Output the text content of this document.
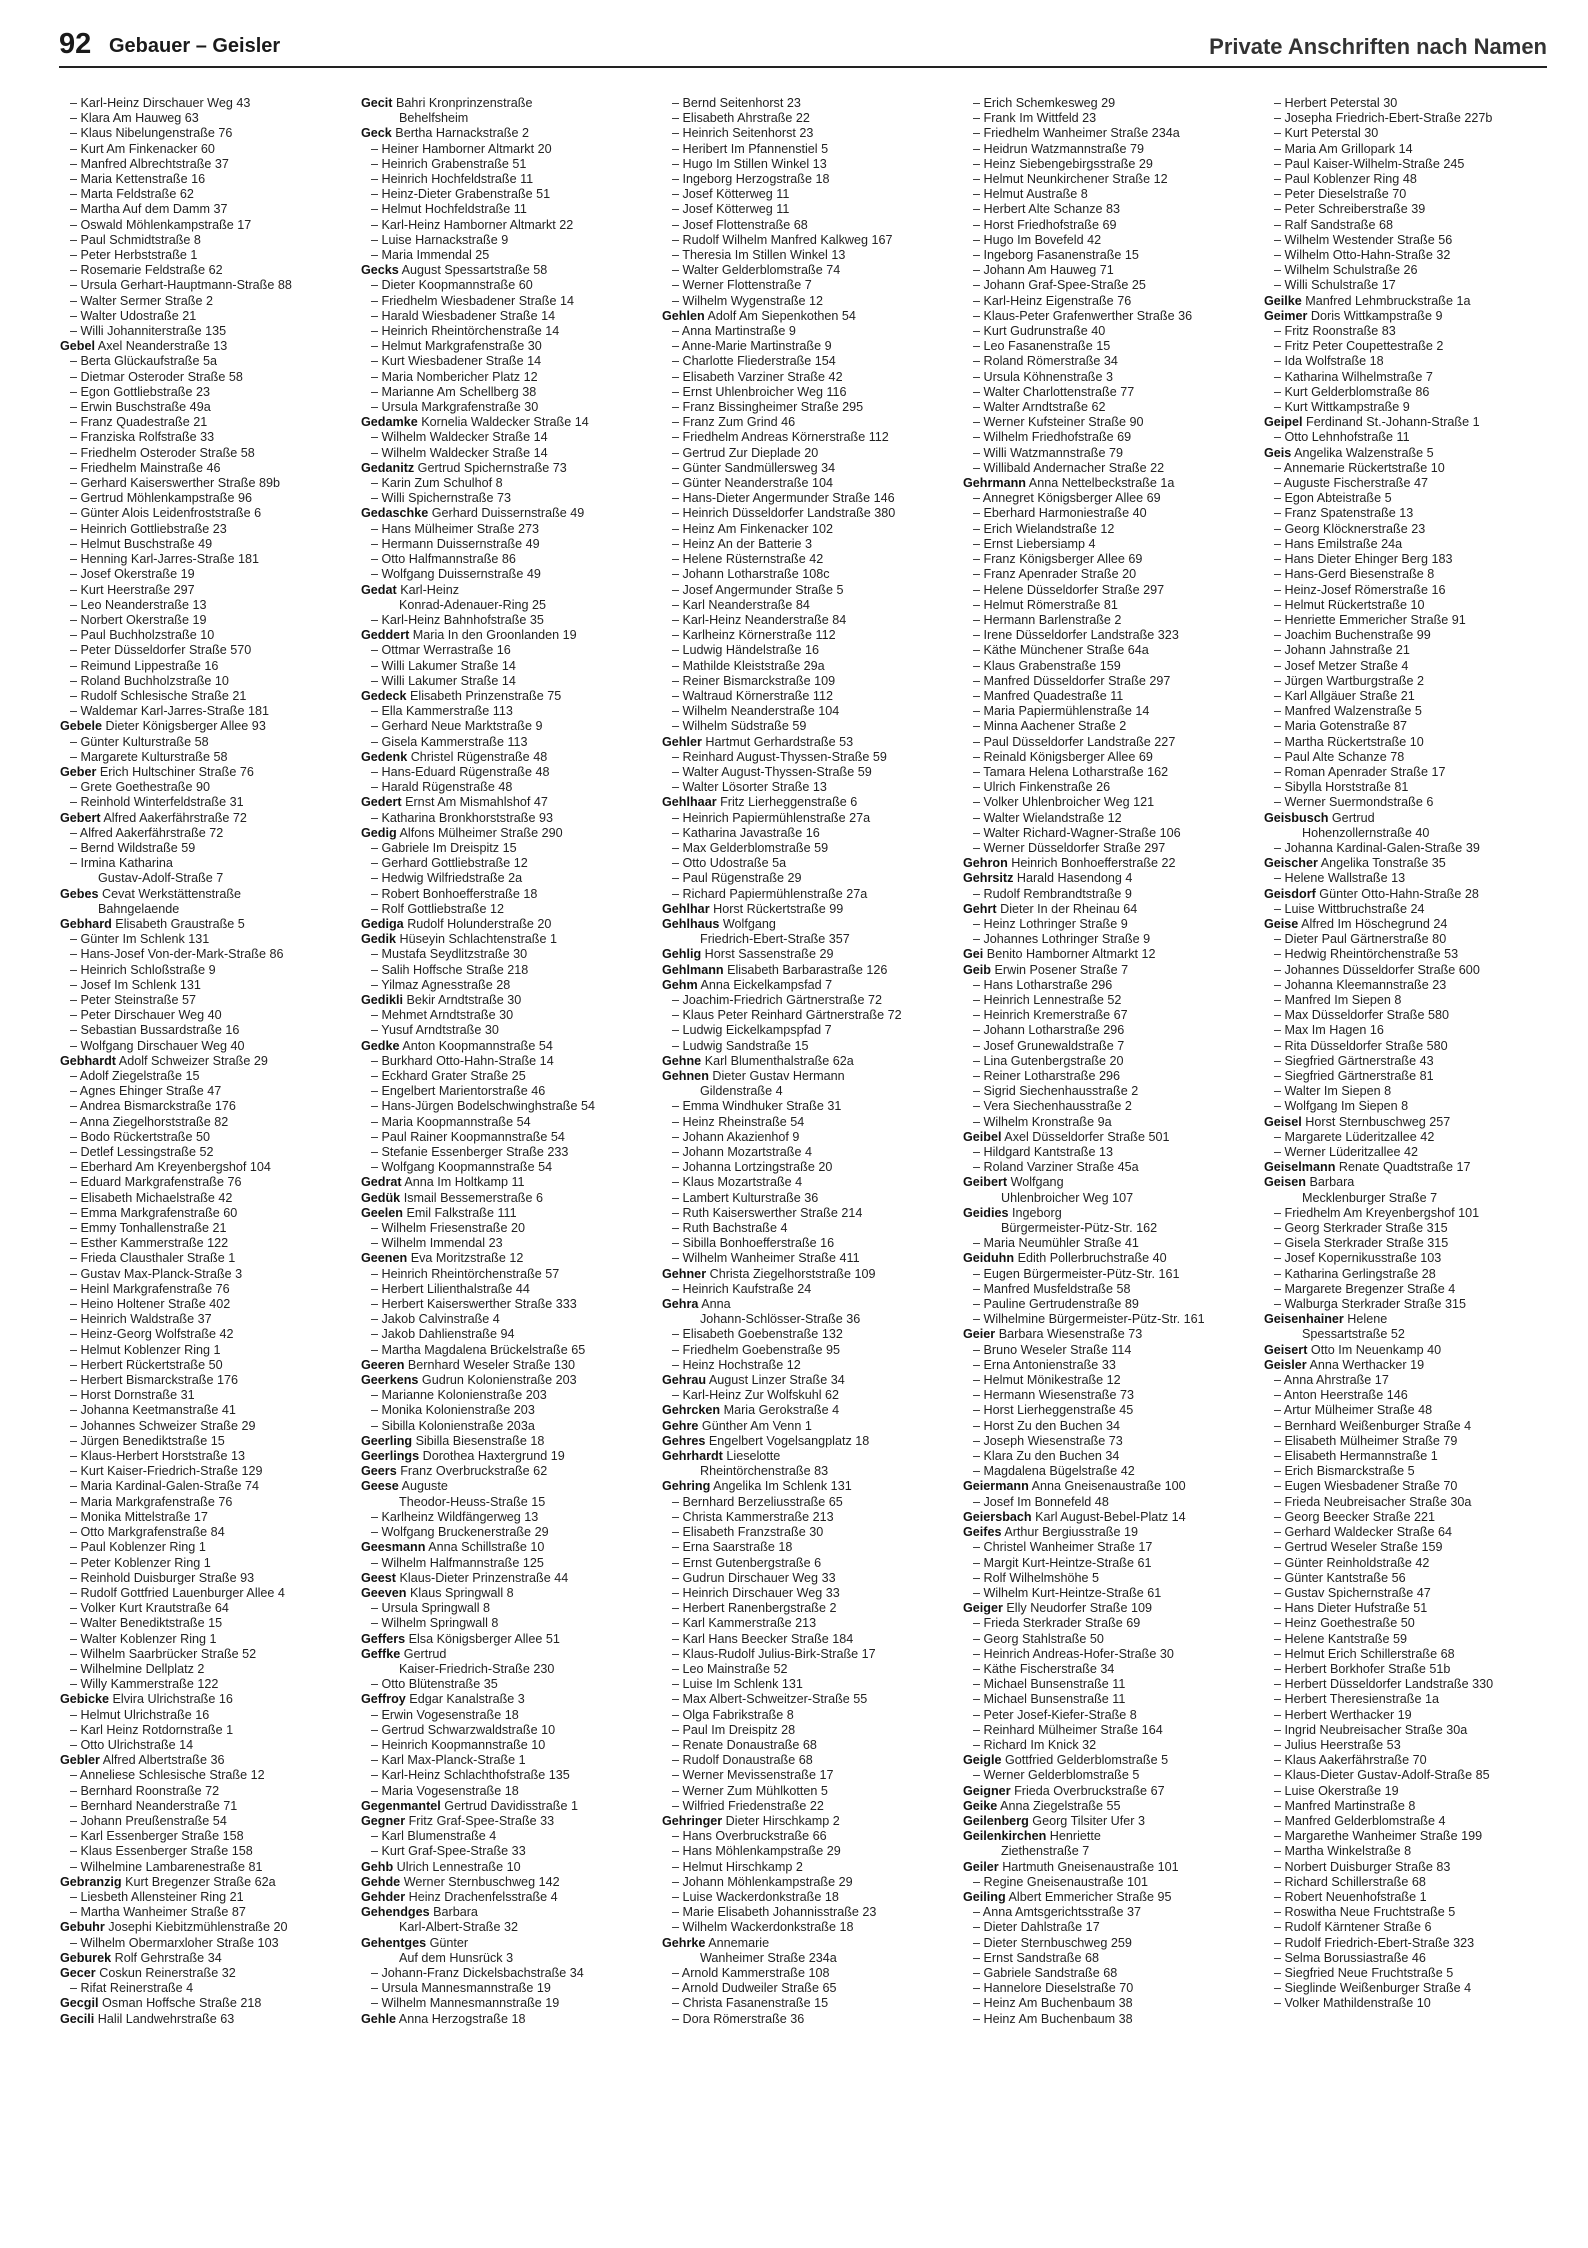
92 Gebauer – Geisler	Private Anschriften nach Namen
– Karl-Heinz Dirschauer Weg 43
– Klara Am Hauweg 63
– Klaus Nibelungenstraße 76
– Kurt Am Finkenacker 60
– Manfred Albrechtstraße 37
– Maria Kettenstraße 16
– Marta Feldstraße 62
– Martha Auf dem Damm 37
– Oswald Möhlenkampstraße 17
– Paul Schmidtstraße 8
– Peter Herbststraße 1
– Rosemarie Feldstraße 62
– Ursula Gerhart-Hauptmann-Straße 88
– Walter Sermer Straße 2
– Walter Udostraße 21
– Willi Johanniterstraße 135
Gebel Axel Neanderstraße 13
– Berta Glückaufstraße 5a
– Dietmar Osteroder Straße 58
– Egon Gottliebstraße 23
– Erwin Buschstraße 49a
– Franz Quadestraße 21
– Franziska Rolfstraße 33
– Friedhelm Osteroder Straße 58
– Friedhelm Mainstraße 46
– Gerhard Kaiserswerther Straße 89b
– Gertrud Möhlenkampstraße 96
– Günter Alois Leidenfroststraße 6
– Heinrich Gottliebstraße 23
– Helmut Buschstraße 49
– Henning Karl-Jarres-Straße 181
– Josef Okerstraße 19
– Kurt Heerstraße 297
– Leo Neanderstraße 13
– Norbert Okerstraße 19
– Paul Buchholzstraße 10
– Peter Düsseldorfer Straße 570
– Reimund Lippestraße 16
– Roland Buchholzstraße 10
– Rudolf Schlesische Straße 21
– Waldemar Karl-Jarres-Straße 181
Gebele Dieter Königsberger Allee 93
– Günter Kulturstraße 58
– Margarete Kulturstraße 58
Geber Erich Hultschiner Straße 76
– Grete Goethestraße 90
– Reinhold Winterfeldstraße 31
Gebert Alfred Aakerfährstraße 72
– Alfred Aakerfährstraße 72
– Bernd Wildstraße 59
– Irmina Katharina
Gustav-Adolf-Straße 7
Gebes Cevat Werkstättenstraße
Bahngelaende
Gebhard Elisabeth Graustraße 5
– Günter Im Schlenk 131
– Hans-Josef Von-der-Mark-Straße 86
– Heinrich Schloßstraße 9
– Josef Im Schlenk 131
– Peter Steinstraße 57
– Peter Dirschauer Weg 40
– Sebastian Bussardstraße 16
– Wolfgang Dirschauer Weg 40
Gebhardt Adolf Schweizer Straße 29
– Adolf Ziegelstraße 15
– Agnes Ehinger Straße 47
– Andrea Bismarckstraße 176
– Anna Ziegelhorststraße 82
– Bodo Rückertstraße 50
– Detlef Lessingstraße 52
– Eberhard Am Kreyenbergshof 104
– Eduard Markgrafenstraße 76
– Elisabeth Michaelstraße 42
– Emma Markgrafenstraße 60
– Emmy Tonhallenstraße 21
– Esther Kammerstraße 122
– Frieda Clausthaler Straße 1
– Gustav Max-Planck-Straße 3
– Heinl Markgrafenstraße 76
– Heino Holtener Straße 402
– Heinrich Waldstraße 37
– Heinz-Georg Wolfstraße 42
– Helmut Koblenzer Ring 1
– Herbert Rückertstraße 50
– Herbert Bismarckstraße 176
– Horst Dornstraße 31
– Johanna Keetmanstraße 41
– Johannes Schweizer Straße 29
– Jürgen Benediktstraße 15
– Klaus-Herbert Horststraße 13
– Kurt Kaiser-Friedrich-Straße 129
– Maria Kardinal-Galen-Straße 74
– Maria Markgrafenstraße 76
– Monika Mittelstraße 17
– Otto Markgrafenstraße 84
– Paul Koblenzer Ring 1
– Peter Koblenzer Ring 1
– Reinhold Duisburger Straße 93
– Rudolf Gottfried Lauenburger Allee 4
– Volker Kurt Krautstraße 64
– Walter Benediktstraße 15
– Walter Koblenzer Ring 1
– Wilhelm Saarbrücker Straße 52
– Wilhelmine Dellplatz 2
– Willy Kammerstraße 122
Gebicke Elvira Ulrichstraße 16
– Helmut Ulrichstraße 16
– Karl Heinz Rotdornstraße 1
– Otto Ulrichstraße 14
Gebler Alfred Albertstraße 36
– Anneliese Schlesische Straße 12
– Bernhard Roonstraße 72
– Bernhard Neanderstraße 71
– Johann Preußenstraße 54
– Karl Essenberger Straße 158
– Klaus Essenberger Straße 158
– Wilhelmine Lambarenestraße 81
Gebranzig Kurt Bregenzer Straße 62a
– Liesbeth Allensteiner Ring 21
– Martha Wanheimer Straße 87
Gebuhr Josephi Kiebitzmühlenstraße 20
– Wilhelm Obermarxloher Straße 103
Geburek Rolf Gehrstraße 34
Gecer Coskun Reinerstraße 32
– Rifat Reinerstraße 4
Gecgil Osman Hoffsche Straße 218
Gecili Halil Landwehrstraße 63
Gecit Bahri Kronprinzenstraße
Behelfsheim
Geck Bertha Harnackstraße 2
– Heiner Hamborner Altmarkt 20
– Heinrich Grabenstraße 51
– Heinrich Hochfeldstraße 11
– Heinz-Dieter Grabenstraße 51
– Helmut Hochfeldstraße 11
– Karl-Heinz Hamborner Altmarkt 22
– Luise Harnackstraße 9
– Maria Immendal 25
Gecks August Spessartstraße 58
– Dieter Koopmannstraße 60
– Friedhelm Wiesbadener Straße 14
– Harald Wiesbadener Straße 14
– Heinrich Rheintörchenstraße 14
– Helmut Markgrafenstraße 30
– Kurt Wiesbadener Straße 14
– Maria Nombericher Platz 12
– Marianne Am Schellberg 38
– Ursula Markgrafenstraße 30
Gedamke Kornelia Waldecker Straße 14
– Wilhelm Waldecker Straße 14
– Wilhelm Waldecker Straße 14
Gedanitz Gertrud Spichernstraße 73
– Karin Zum Schulhof 8
– Willi Spichernstraße 73
Gedaschke Gerhard Duissernstraße 49
– Hans Mülheimer Straße 273
– Hermann Duissernstraße 49
– Otto Halfmannstraße 86
– Wolfgang Duissernstraße 49
Gedat Karl-Heinz
Konrad-Adenauer-Ring 25
– Karl-Heinz Bahnhofstraße 35
Geddert Maria In den Groonlanden 19
– Ottmar Werrastraße 16
– Willi Lakumer Straße 14
– Willi Lakumer Straße 14
Gedeck Elisabeth Prinzenstraße 75
– Ella Kammerstraße 113
– Gerhard Neue Marktstraße 9
– Gisela Kammerstraße 113
Gedenk Christel Rügenstraße 48
– Hans-Eduard Rügenstraße 48
– Harald Rügenstraße 48
Gedert Ernst Am Mismahlshof 47
– Katharina Bronkhorststraße 93
Gedig Alfons Mülheimer Straße 290
– Gabriele Im Dreispitz 15
– Gerhard Gottliebstraße 12
– Hedwig Wilfriedstraße 2a
– Robert Bonhoefferstraße 18
– Rolf Gottliebstraße 12
Gediga Rudolf Holunderstraße 20
Gedik Hüseyin Schlachtenstraße 1
– Mustafa Seydlitzstraße 30
– Salih Hoffsche Straße 218
– Yilmaz Agnesstraße 28
Gedikli Bekir Arndtstraße 30
– Mehmet Arndtstraße 30
– Yusuf Arndtstraße 30
Gedke Anton Koopmannstraße 54
– Burkhard Otto-Hahn-Straße 14
– Eckhard Grater Straße 25
– Engelbert Marientorstraße 46
– Hans-Jürgen Bodelschwinghstraße 54
– Maria Koopmannstraße 54
– Paul Rainer Koopmannstraße 54
– Stefanie Essenberger Straße 233
– Wolfgang Koopmannstraße 54
Gedrat Anna Im Holtkamp 11
Gedük Ismail Bessemerstraße 6
Geelen Emil Falkstraße 111
– Wilhelm Friesenstraße 20
– Wilhelm Immendal 23
Geenen Eva Moritzstraße 12
– Heinrich Rheintörchenstraße 57
– Herbert Lilienthalstraße 44
– Herbert Kaiserswerther Straße 333
– Jakob Calvinstraße 4
– Jakob Dahlienstraße 94
– Martha Magdalena Brückelstraße 65
Geeren Bernhard Weseler Straße 130
Geerkens Gudrun Kolonienstraße 203
– Marianne Kolonienstraße 203
– Monika Kolonienstraße 203
– Sibilla Kolonienstraße 203a
Geerling Sibilla Biesenstraße 18
Geerlings Dorothea Haxtergrund 19
Geers Franz Overbruckstraße 62
Geese Auguste
Theodor-Heuss-Straße 15
– Karlheinz Wildfängerweg 13
– Wolfgang Bruckenerstraße 29
Geesmann Anna Schillstraße 10
– Wilhelm Halfmannstraße 125
Geest Klaus-Dieter Prinzenstraße 44
Geeven Klaus Springwall 8
– Ursula Springwall 8
– Wilhelm Springwall 8
Geffers Elsa Königsberger Allee 51
Geffke Gertrud
Kaiser-Friedrich-Straße 230
– Otto Blütenstraße 35
Geffroy Edgar Kanalstraße 3
– Erwin Vogesenstraße 18
– Gertrud Schwarzwaldstraße 10
– Heinrich Koopmannstraße 10
– Karl Max-Planck-Straße 1
– Karl-Heinz Schlachthofstraße 135
– Maria Vogesenstraße 18
Gegenmantel Gertrud Davidisstraße 1
Gegner Fritz Graf-Spee-Straße 33
– Karl Blumenstraße 4
– Kurt Graf-Spee-Straße 33
Gehb Ulrich Lennestraße 10
Gehde Werner Sternbuschweg 142
Gehder Heinz Drachenfelsstraße 4
Gehendges Barbara
Karl-Albert-Straße 32
Gehentges Günter
Auf dem Hunsrück 3
– Johann-Franz Dickelsbachstraße 34
– Ursula Mannesmannstraße 19
– Wilhelm Mannesmannstraße 19
Gehle Anna Herzogstraße 18
– Bernd Seitenhorst 23
– Elisabeth Ahrstraße 22
– Heinrich Seitenhorst 23
– Heribert Im Pfannenstiel 5
– Hugo Im Stillen Winkel 13
– Ingeborg Herzogstraße 18
– Josef Kötterweg 11
– Josef Kötterweg 11
– Josef Flottenstraße 68
– Rudolf Wilhelm Manfred Kalkweg 167
– Theresia Im Stillen Winkel 13
– Walter Gelderblomstraße 74
– Werner Flottenstraße 7
– Wilhelm Wygenstraße 12
Gehlen Adolf Am Siepenkothen 54
– Anna Martinstraße 9
– Anne-Marie Martinstraße 9
– Charlotte Fliederstraße 154
– Elisabeth Varziner Straße 42
– Ernst Uhlenbroicher Weg 116
– Franz Bissingheimer Straße 295
– Franz Zum Grind 46
– Friedhelm Andreas Körnerstraße 112
– Gertrud Zur Dieplade 20
– Günter Sandmüllersweg 34
– Günter Neanderstraße 104
– Hans-Dieter Angermunder Straße 146
– Heinrich Düsseldorfer Landstraße 380
– Heinz Am Finkenacker 102
– Heinz An der Batterie 3
– Helene Rüsternstraße 42
– Johann Lotharstraße 108c
– Josef Angermunder Straße 5
– Karl Neanderstraße 84
– Karl-Heinz Neanderstraße 84
– Karlheinz Körnerstraße 112
– Ludwig Händelstraße 16
– Mathilde Kleiststraße 29a
– Reiner Bismarckstraße 109
– Waltraud Körnerstraße 112
– Wilhelm Neanderstraße 104
– Wilhelm Südstraße 59
Gehler Hartmut Gerhardstraße 53
– Reinhard August-Thyssen-Straße 59
– Walter August-Thyssen-Straße 59
– Walter Lösorter Straße 13
Gehlhaar Fritz Lierheggenstraße 6
– Heinrich Papiermühlenstraße 27a
– Katharina Javastraße 16
– Max Gelderblomstraße 59
– Otto Udostraße 5a
– Paul Rügenstraße 29
– Richard Papiermühlenstraße 27a
Gehlhar Horst Rückertstraße 99
Gehlhaus Wolfgang
Friedrich-Ebert-Straße 357
Gehlig Horst Sassenstraße 29
Gehlmann Elisabeth Barbarastraße 126
Gehm Anna Eickelkampsfad 7
– Joachim-Friedrich Gärtnerstraße 72
– Klaus Peter Reinhard Gärtnerstraße 72
– Ludwig Eickelkampspfad 7
– Ludwig Sandstraße 15
Gehne Karl Blumenthalstraße 62a
Gehnen Dieter Gustav Hermann
Gildenstraße 4
– Emma Windhuker Straße 31
– Heinz Rheinstraße 54
– Johann Akazienhof 9
– Johann Mozartstraße 4
– Johanna Lortzingstraße 20
– Klaus Mozartstraße 4
– Lambert Kulturstraße 36
– Ruth Kaiserswerther Straße 214
– Ruth Bachstraße 4
– Sibilla Bonhoefferstraße 16
– Wilhelm Wanheimer Straße 411
Gehner Christa Ziegelhorststraße 109
– Heinrich Kaufstraße 24
Gehra Anna
Johann-Schlösser-Straße 36
– Elisabeth Goebenstraße 132
– Friedhelm Goebenstraße 95
– Heinz Hochstraße 12
Gehrau August Linzer Straße 34
– Karl-Heinz Zur Wolfskuhl 62
Gehrcken Maria Gerokstraße 4
Gehre Günther Am Venn 1
Gehres Engelbert Vogelsangplatz 18
Gehrhardt Lieselotte
Rheintörchenstraße 83
Gehring Angelika Im Schlenk 131
– Bernhard Berzeliusstraße 65
– Christa Kammerstraße 213
– Elisabeth Franzstraße 30
– Erna Saarstraße 18
– Ernst Gutenbergstraße 6
– Gudrun Dirschauer Weg 33
– Heinrich Dirschauer Weg 33
– Herbert Ranenbergstraße 2
– Karl Kammerstraße 213
– Karl Hans Beecker Straße 184
– Klaus-Rudolf Julius-Birk-Straße 17
– Leo Mainstraße 52
– Luise Im Schlenk 131
– Max Albert-Schweitzer-Straße 55
– Olga Fabrikstraße 8
– Paul Im Dreispitz 28
– Renate Donaustraße 68
– Rudolf Donaustraße 68
– Werner Mevissenstraße 17
– Werner Zum Mühlkotten 5
– Wilfried Friedenstraße 22
Gehringer Dieter Hirschkamp 2
– Hans Overbruckstraße 66
– Hans Möhlenkampstraße 29
– Helmut Hirschkamp 2
– Johann Möhlenkampstraße 29
– Luise Wackerdonkstraße 18
– Marie Elisabeth Johannisstraße 23
– Wilhelm Wackerdonkstraße 18
Gehrke Annemarie
Wanheimer Straße 234a
– Arnold Kammerstraße 108
– Arnold Dudweiler Straße 65
– Christa Fasanenstraße 15
– Dora Römerstraße 36
– Erich Schemkesweg 29
– Frank Im Wittfeld 23
– Friedhelm Wanheimer Straße 234a
– Heidrun Watzmannstraße 79
– Heinz Siebengebirgsstraße 29
– Helmut Neunkirchener Straße 12
– Helmut Austraße 8
– Herbert Alte Schanze 83
– Horst Friedhofstraße 69
– Hugo Im Bovefeld 42
– Ingeborg Fasanenstraße 15
– Johann Am Hauweg 71
– Johann Graf-Spee-Straße 25
– Karl-Heinz Eigenstraße 76
– Klaus-Peter Grafenwerther Straße 36
– Kurt Gudrunstraße 40
– Leo Fasanenstraße 15
– Roland Römerstraße 34
– Ursula Köhnenstraße 3
– Walter Charlottenstraße 77
– Walter Arndtstraße 62
– Werner Kufsteiner Straße 90
– Wilhelm Friedhofstraße 69
– Willi Watzmannstraße 79
– Willibald Andernacher Straße 22
Gehrmann Anna Nettelbeckstraße 1a
– Annegret Königsberger Allee 69
– Eberhard Harmoniestraße 40
– Erich Wielandstraße 12
– Ernst Liebersiamp 4
– Franz Königsberger Allee 69
– Franz Apenrader Straße 20
– Helene Düsseldorfer Straße 297
– Helmut Römerstraße 81
– Hermann Barlenstraße 2
– Irene Düsseldorfer Landstraße 323
– Käthe Münchener Straße 64a
– Klaus Grabenstraße 159
– Manfred Düsseldorfer Straße 297
– Manfred Quadestraße 11
– Maria Papiermühlenstraße 14
– Minna Aachener Straße 2
– Paul Düsseldorfer Landstraße 227
– Reinald Königsberger Allee 69
– Tamara Helena Lotharstraße 162
– Ulrich Finkenstraße 26
– Volker Uhlenbroicher Weg 121
– Walter Wielandstraße 12
– Walter Richard-Wagner-Straße 106
– Werner Düsseldorfer Straße 297
Gehron Heinrich Bonhoefferstraße 22
Gehrsitz Harald Hasendong 4
– Rudolf Rembrandtstraße 9
Gehrt Dieter In der Rheinau 64
– Heinz Lothringer Straße 9
– Johannes Lothringer Straße 9
Gei Benito Hamborner Altmarkt 12
Geib Erwin Posener Straße 7
– Hans Lotharstraße 296
– Heinrich Lennestraße 52
– Heinrich Kremerstraße 67
– Johann Lotharstraße 296
– Josef Grunewaldstraße 7
– Lina Gutenbergstraße 20
– Reiner Lotharstraße 296
– Sigrid Siechenhausstraße 2
– Vera Siechenhausstraße 2
– Wilhelm Kronstraße 9a
Geibel Axel Düsseldorfer Straße 501
– Hildgard Kantstraße 13
– Roland Varziner Straße 45a
Geibert Wolfgang
Uhlenbroicher Weg 107
Geidies Ingeborg
Bürgermeister-Pütz-Str. 162
– Maria Neumühler Straße 41
Geiduhn Edith Pollerbruchstraße 40
– Eugen Bürgermeister-Pütz-Str. 161
– Manfred Musfeldstraße 58
– Pauline Gertrudenstraße 89
– Wilhelmine Bürgermeister-Pütz-Str. 161
Geier Barbara Wiesenstraße 73
– Bruno Weseler Straße 114
– Erna Antonienstraße 33
– Helmut Mönikestraße 12
– Hermann Wiesenstraße 73
– Horst Lierheggenstraße 45
– Horst Zu den Buchen 34
– Joseph Wiesenstraße 73
– Klara Zu den Buchen 34
– Magdalena Bügelstraße 42
Geiermann Anna Gneisenaustraße 100
– Josef Im Bonnefeld 48
Geiersbach Karl August-Bebel-Platz 14
Geifes Arthur Bergiusstraße 19
– Christel Wanheimer Straße 17
– Margit Kurt-Heintze-Straße 61
– Rolf Wilhelmshöhe 5
– Wilhelm Kurt-Heintze-Straße 61
Geiger Elly Neudorfer Straße 109
– Frieda Sterkrader Straße 69
– Georg Stahlstraße 50
– Heinrich Andreas-Hofer-Straße 30
– Käthe Fischerstraße 34
– Michael Bunsenstraße 11
– Michael Bunsenstraße 11
– Peter Josef-Kiefer-Straße 8
– Reinhard Mülheimer Straße 164
– Richard Im Knick 32
Geigle Gottfried Gelderblomstraße 5
– Werner Gelderblomstraße 5
Geigner Frieda Overbruckstraße 67
Geike Anna Ziegelstraße 55
Geilenberg Georg Tilsiter Ufer 3
Geilenkirchen Henriette
Ziethenstraße 7
Geiler Hartmuth Gneisenaustraße 101
– Regine Gneisenaustraße 101
Geiling Albert Emmericher Straße 95
– Anna Amtsgerichtsstraße 37
– Dieter Dahlstraße 17
– Dieter Sternbuschweg 259
– Ernst Sandstraße 68
– Gabriele Sandstraße 68
– Hannelore Dieselstraße 70
– Heinz Am Buchenbaum 38
– Heinz Am Buchenbaum 38
– Herbert Peterstal 30
– Josepha Friedrich-Ebert-Straße 227b
– Kurt Peterstal 30
– Maria Am Grillopark 14
– Paul Kaiser-Wilhelm-Straße 245
– Paul Koblenzer Ring 48
– Peter Dieselstraße 70
– Peter Schreiberstraße 39
– Ralf Sandstraße 68
– Wilhelm Westender Straße 56
– Wilhelm Otto-Hahn-Straße 32
– Wilhelm Schulstraße 26
– Willi Schulstraße 17
Geilke Manfred Lehmbruckstraße 1a
Geimer Doris Wittkampstraße 9
– Fritz Roonstraße 83
– Fritz Peter Coupettestraße 2
– Ida Wolfstraße 18
– Katharina Wilhelmstraße 7
– Kurt Gelderblomstraße 86
– Kurt Wittkampstraße 9
Geipel Ferdinand St.-Johann-Straße 1
– Otto Lehnhofstraße 11
Geis Angelika Walzenstraße 5
– Annemarie Rückertstraße 10
– Auguste Fischerstraße 47
– Egon Abteistraße 5
– Franz Spatenstraße 13
– Georg Klöcknerstraße 23
– Hans Emilstraße 24a
– Hans Dieter Ehinger Berg 183
– Hans-Gerd Biesenstraße 8
– Heinz-Josef Römerstraße 16
– Helmut Rückertstraße 10
– Henriette Emmericher Straße 91
– Joachim Buchenstraße 99
– Johann Jahnstraße 21
– Josef Metzer Straße 4
– Jürgen Wartburgstraße 2
– Karl Allgäuer Straße 21
– Manfred Walzenstraße 5
– Maria Gotenstraße 87
– Martha Rückertstraße 10
– Paul Alte Schanze 78
– Roman Apenrader Straße 17
– Sibylla Horststraße 81
– Werner Suermondstraße 6
Geisbusch Gertrud
Hohenzollernstraße 40
– Johanna Kardinal-Galen-Straße 39
Geischer Angelika Tonstraße 35
– Helene Wallstraße 13
Geisdorf Günter Otto-Hahn-Straße 28
– Luise Wittbruchstraße 24
Geise Alfred Im Höschegrund 24
– Dieter Paul Gärtnerstraße 80
– Hedwig Rheintörchenstraße 53
– Johannes Düsseldorfer Straße 600
– Johanna Kleemannstraße 23
– Manfred Im Siepen 8
– Max Düsseldorfer Straße 580
– Max Im Hagen 16
– Rita Düsseldorfer Straße 580
– Siegfried Gärtnerstraße 43
– Siegfried Gärtnerstraße 81
– Walter Im Siepen 8
– Wolfgang Im Siepen 8
Geisel Horst Sternbuschweg 257
– Margarete Lüderitzallee 42
– Werner Lüderitzallee 42
Geiselmann Renate Quadtstraße 17
Geisen Barbara
Mecklenburger Straße 7
– Friedhelm Am Kreyenbergshof 101
– Georg Sterkrader Straße 315
– Gisela Sterkrader Straße 315
– Josef Kopernikusstraße 103
– Katharina Gerlingstraße 28
– Margarete Bregenzer Straße 4
– Walburga Sterkrader Straße 315
Geisenhainer Helene
Spessartstraße 52
Geisert Otto Im Neuenkamp 40
Geisler Anna Werthacker 19
– Anna Ahrstraße 17
– Anton Heerstraße 146
– Artur Mülheimer Straße 48
– Bernhard Weißenburger Straße 4
– Elisabeth Mülheimer Straße 79
– Elisabeth Hermannstraße 1
– Erich Bismarckstraße 5
– Eugen Wiesbadener Straße 70
– Frieda Neubreisacher Straße 30a
– Georg Beecker Straße 221
– Gerhard Waldecker Straße 64
– Gertrud Weseler Straße 159
– Günter Reinholdstraße 42
– Günter Kantstraße 56
– Gustav Spichernstraße 47
– Hans Dieter Hufstraße 51
– Heinz Goethestraße 50
– Helene Kantstraße 59
– Helmut Erich Schillerstraße 68
– Herbert Borkhofer Straße 51b
– Herbert Düsseldorfer Landstraße 330
– Herbert Theresienstraße 1a
– Herbert Werthacker 19
– Ingrid Neubreisacher Straße 30a
– Julius Heerstraße 53
– Klaus Aakerfährstraße 70
– Klaus-Dieter Gustav-Adolf-Straße 85
– Luise Okerstraße 19
– Manfred Martinstraße 8
– Manfred Gelderblomstraße 4
– Margarethe Wanheimer Straße 199
– Martha Winkelstraße 8
– Norbert Duisburger Straße 83
– Richard Schillerstraße 68
– Robert Neuenhofstraße 1
– Roswitha Neue Fruchtstraße 5
– Rudolf Kärntener Straße 6
– Rudolf Friedrich-Ebert-Straße 323
– Selma Borussiastraße 46
– Siegfried Neue Fruchtstraße 5
– Sieglinde Weißenburger Straße 4
– Volker Mathildenstraße 10
